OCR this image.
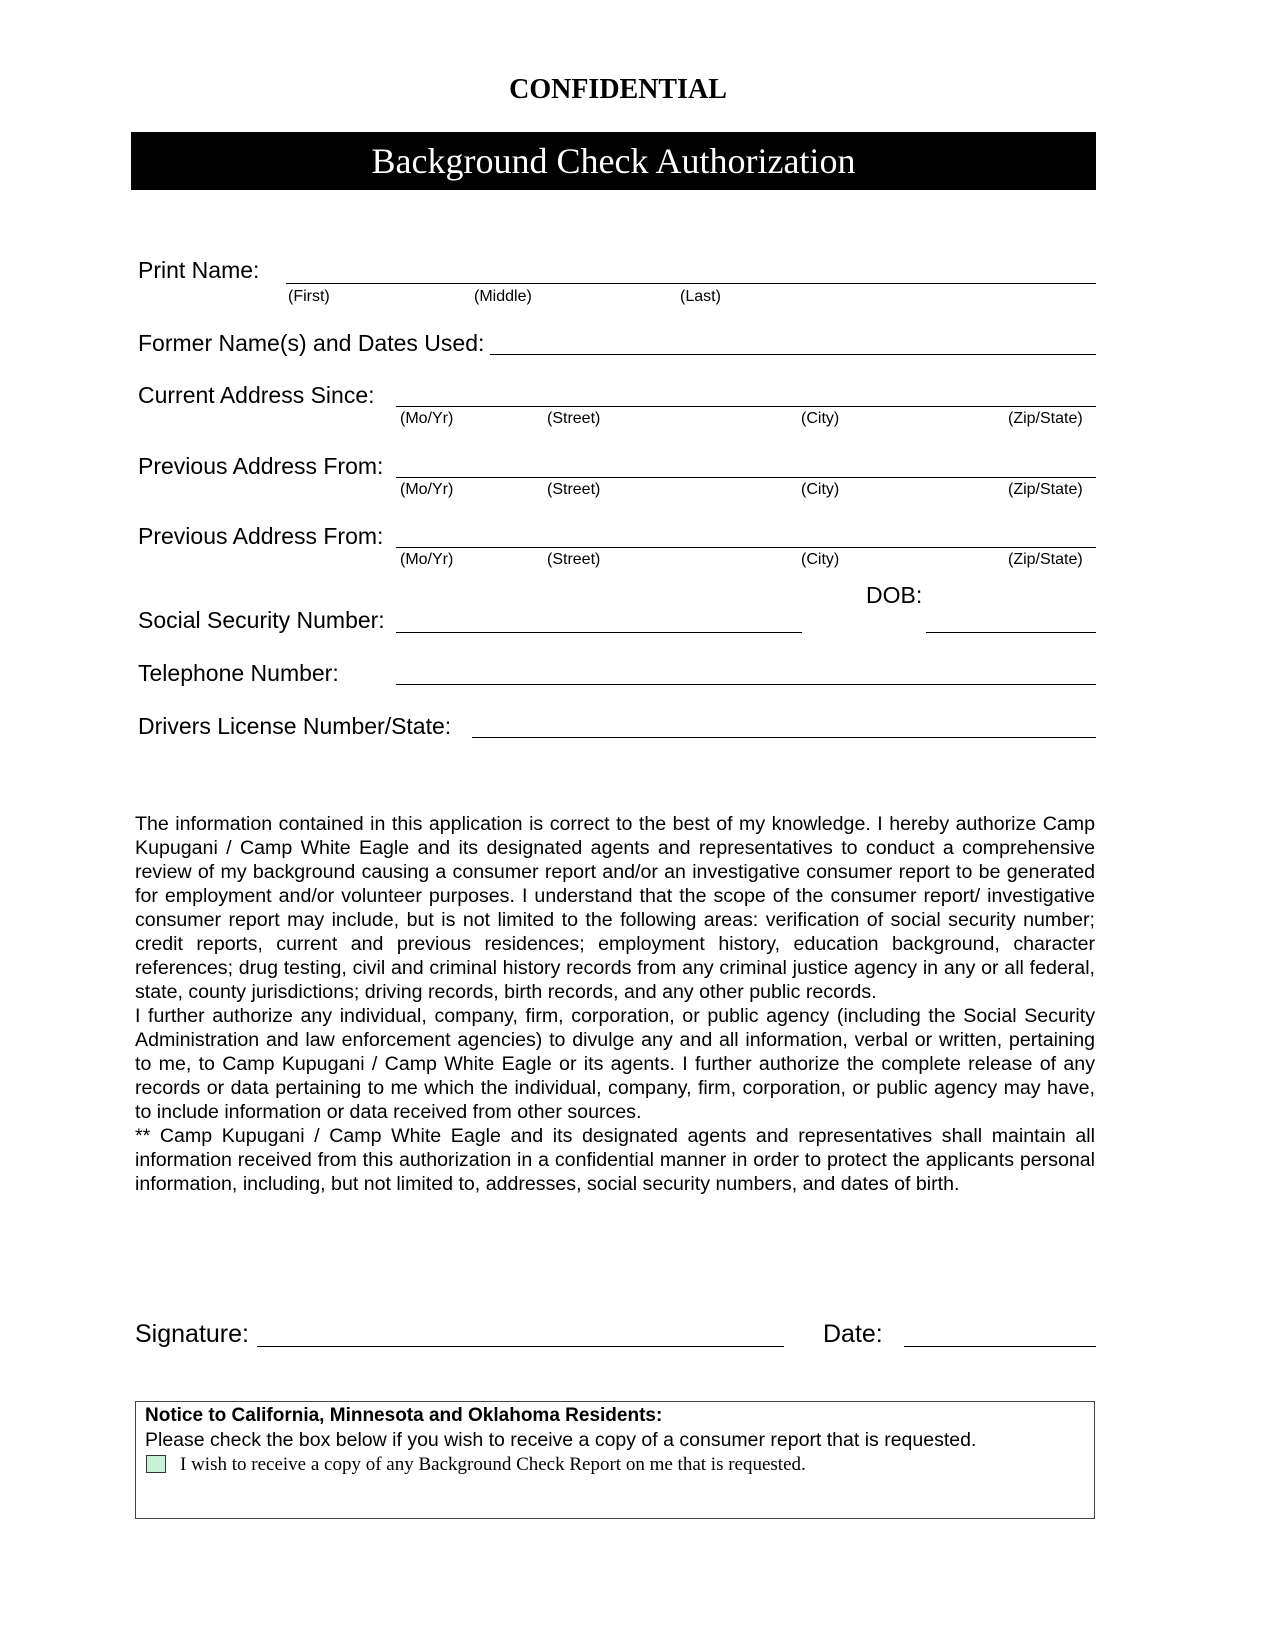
CONFIDENTIAL
Background Check Authorization
Print Name:
(First)	(Middle)	(Last)
Former Name(s) and Dates Used:
Current Address Since:
(Mo/Yr)	(Street)	(City)	(Zip/State)
Previous Address From:
(Mo/Yr)	(Street)	(City)	(Zip/State)
Previous Address From:
(Mo/Yr)	(Street)	(City)	(Zip/State)
DOB:
Social Security Number:
Telephone Number:
Drivers License Number/State:

The information contained in this application is correct to the best of my knowledge. I hereby authorize Camp Kupugani / Camp White Eagle and its designated agents and representatives to conduct a comprehensive review of my background causing a consumer report and/or an investigative consumer report to be generated for employment and/or volunteer purposes. I understand that the scope of the consumer report/ investigative consumer report may include, but is not limited to the following areas: verification of social security number; credit reports, current and previous residences; employment history, education background, character references; drug testing, civil and criminal history records from any criminal justice agency in any or all federal, state, county jurisdictions; driving records, birth records, and any other public records.

I further authorize any individual, company, firm, corporation, or public agency (including the Social Security Administration and law enforcement agencies) to divulge any and all information, verbal or written, pertaining to me, to Camp Kupugani / Camp White Eagle or its agents. I further authorize the complete release of any records or data pertaining to me which the individual, company, firm, corporation, or public agency may have, to include information or data received from other sources.

** Camp Kupugani / Camp White Eagle and its designated agents and representatives shall maintain all information received from this authorization in a confidential manner in order to protect the applicants personal information, including, but not limited to, addresses, social security numbers, and dates of birth.

Signature:	Date:
Notice to California, Minnesota and Oklahoma Residents:
Please check the box below if you wish to receive a copy of a consumer report that is requested.
I wish to receive a copy of any Background Check Report on me that is requested.
